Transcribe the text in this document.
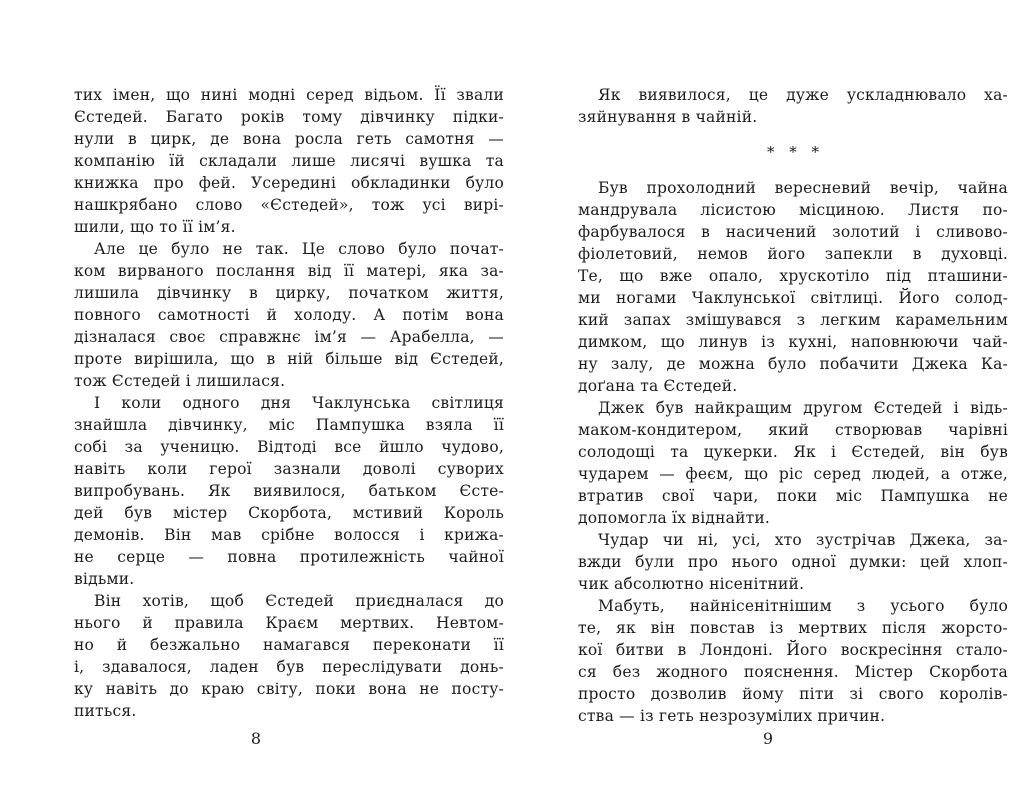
тих імен, що нині модні серед відьом. Її звали
Єстедей. Багато років тому дівчинку підки-
нули в цирк, де вона росла геть самотня —
компанію їй складали лише лисячі вушка та
книжка про фей. Усередині обкладинки було
нашкрябано слово «Єстедей», тож усі вирі-
шили, що то її ім’я.
Але це було не так. Це слово було почат-
ком вирваного послання від її матері, яка за-
лишила дівчинку в цирку, початком життя,
повного самотності й холоду. А потім вона
дізналася своє справжнє ім’я — Арабелла, —
проте вирішила, що в ній більше від Єстедей,
тож Єстедей і лишилася.
І коли одного дня Чаклунська світлиця
знайшла дівчинку, міс Пампушка взяла її
собі за ученицю. Відтоді все йшло чудово,
навіть коли герої зазнали доволі суворих
випробувань. Як виявилося, батьком Єсте-
дей був містер Скорбота, мстивий Король
демонів. Він мав срібне волосся і крижа-
не серце — повна протилежність чайної
відьми.
Він хотів, щоб Єстедей приєдналася до
нього й правила Краєм мертвих. Невтом-
но й безжально намагався переконати її
і, здавалося, ладен був переслідувати донь-
ку навіть до краю світу, поки вона не посту-
питься.
Як виявилося, це дуже ускладнювало ха-
зяйнування в чайній.
* * *
Був прохолодний вересневий вечір, чайна
мандрувала лісистою місциною. Листя по-
фарбувалося в насичений золотий і сливово-
фіолетовий, немов його запекли в духовці.
Те, що вже опало, хрускотіло під пташини-
ми ногами Чаклунської світлиці. Його солод-
кий запах змішувався з легким карамельним
димком, що линув із кухні, наповнюючи чай-
ну залу, де можна було побачити Джека Ка-
доґана та Єстедей.
Джек був найкращим другом Єстедей і відь-
маком-кондитером, який створював чарівні
солодощі та цукерки. Як і Єстедей, він був
чударем — феєм, що ріс серед людей, а отже,
втратив свої чари, поки міс Пампушка не
допомогла їх віднайти.
Чудар чи ні, усі, хто зустрічав Джека, за-
вжди були про нього одної думки: цей хлоп-
чик абсолютно нісенітний.
Мабуть, найнісенітнішим з усього було
те, як він повстав із мертвих після жорсто-
кої битви в Лондоні. Його воскресіння стало-
ся без жодного пояснення. Містер Скорбота
просто дозволив йому піти зі свого королів-
ства — із геть незрозумілих причин.
8	9
